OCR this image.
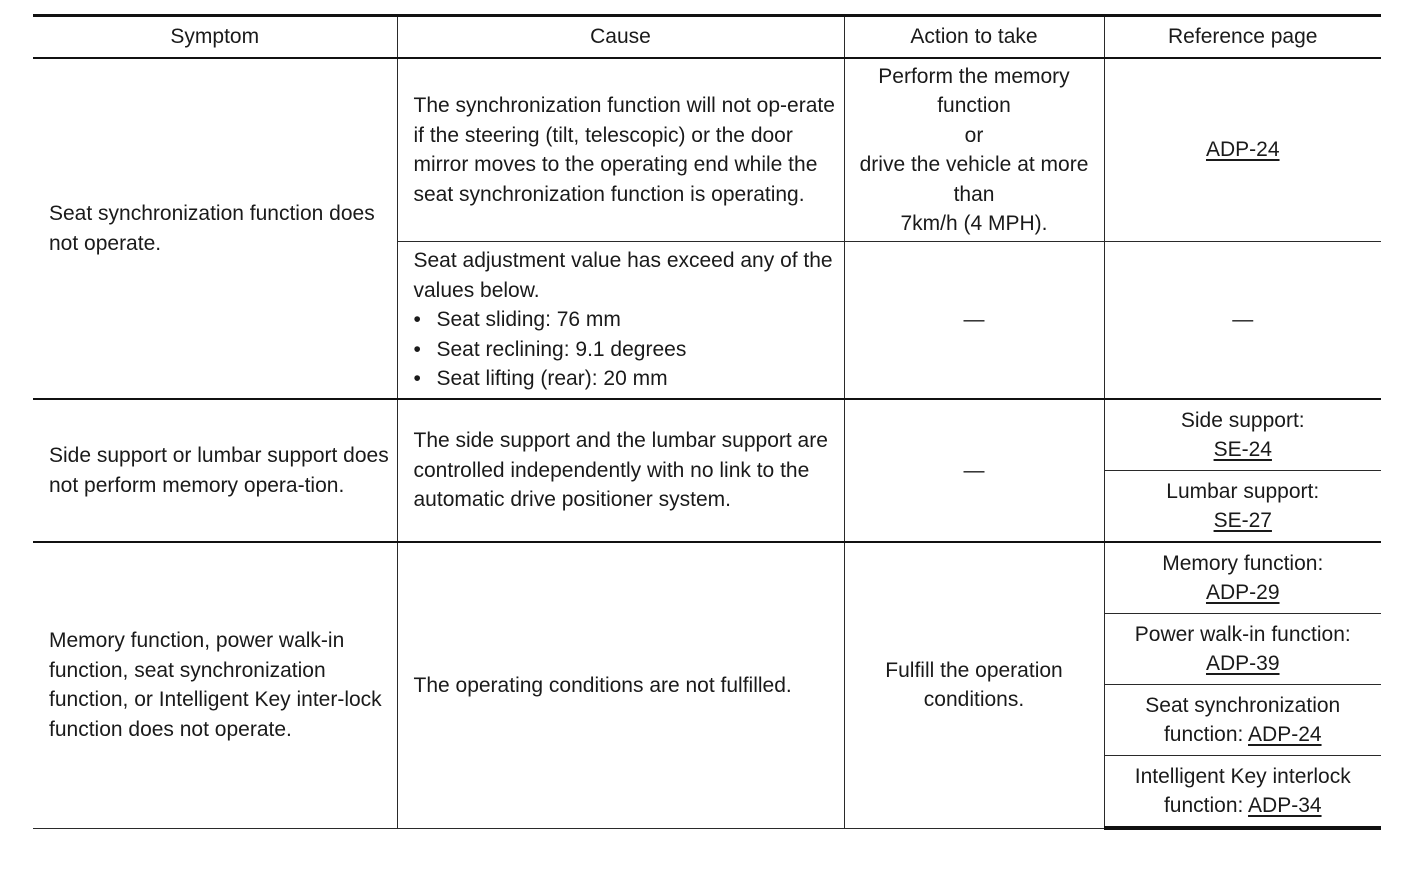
Symptom	Cause	Action to take	Reference page
Seat synchronization function does not operate.	The synchronization function will not op-erate if the steering (tilt, telescopic) or the door mirror moves to the operating end while the seat synchronization function is operating.	Perform the memory function
or
drive the vehicle at more than
7km/h (4 MPH).	ADP-24

	Seat adjustment value has exceed any of the values below.
• Seat sliding: 76 mm
• Seat reclining: 9.1 degrees
• Seat lifting (rear): 20 mm	—	—
Side support or lumbar support does not perform memory opera-tion.	The side support and the lumbar support are controlled independently with no link to the automatic drive positioner system.	—	Side support:
SE-24

			Lumbar support:
SE-27
Memory function, power walk-in function, seat synchronization function, or Intelligent Key inter-lock function does not operate.	The operating conditions are not fulfilled.	Fulfill the operation conditions.	Memory function:
ADP-29

			Power walk-in function:
ADP-39

			Seat synchronization
function: ADP-24

			Intelligent Key interlock
function: ADP-34
